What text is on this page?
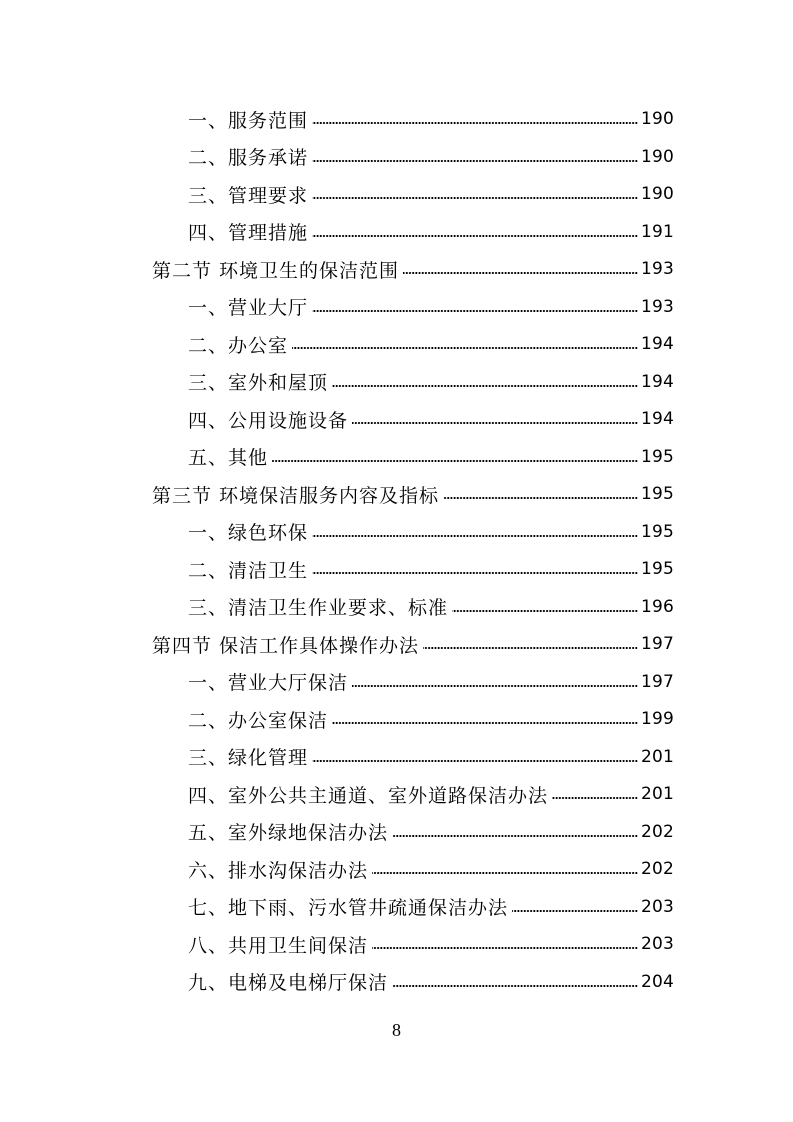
一、服务范围	190
二、服务承诺	190
三、管理要求	190
四、管理措施	191
第二节 环境卫生的保洁范围	193
一、营业大厅	193
二、办公室	194
三、室外和屋顶	194
四、公用设施设备	194
五、其他	195
第三节 环境保洁服务内容及指标	195
一、绿色环保	195
二、清洁卫生	195
三、清洁卫生作业要求、标准	196
第四节 保洁工作具体操作办法	197
一、营业大厅保洁	197
二、办公室保洁	199
三、绿化管理	201
四、室外公共主通道、室外道路保洁办法	201
五、室外绿地保洁办法	202
六、排水沟保洁办法	202
七、地下雨、污水管井疏通保洁办法	203
八、共用卫生间保洁	203
九、电梯及电梯厅保洁	204
8
